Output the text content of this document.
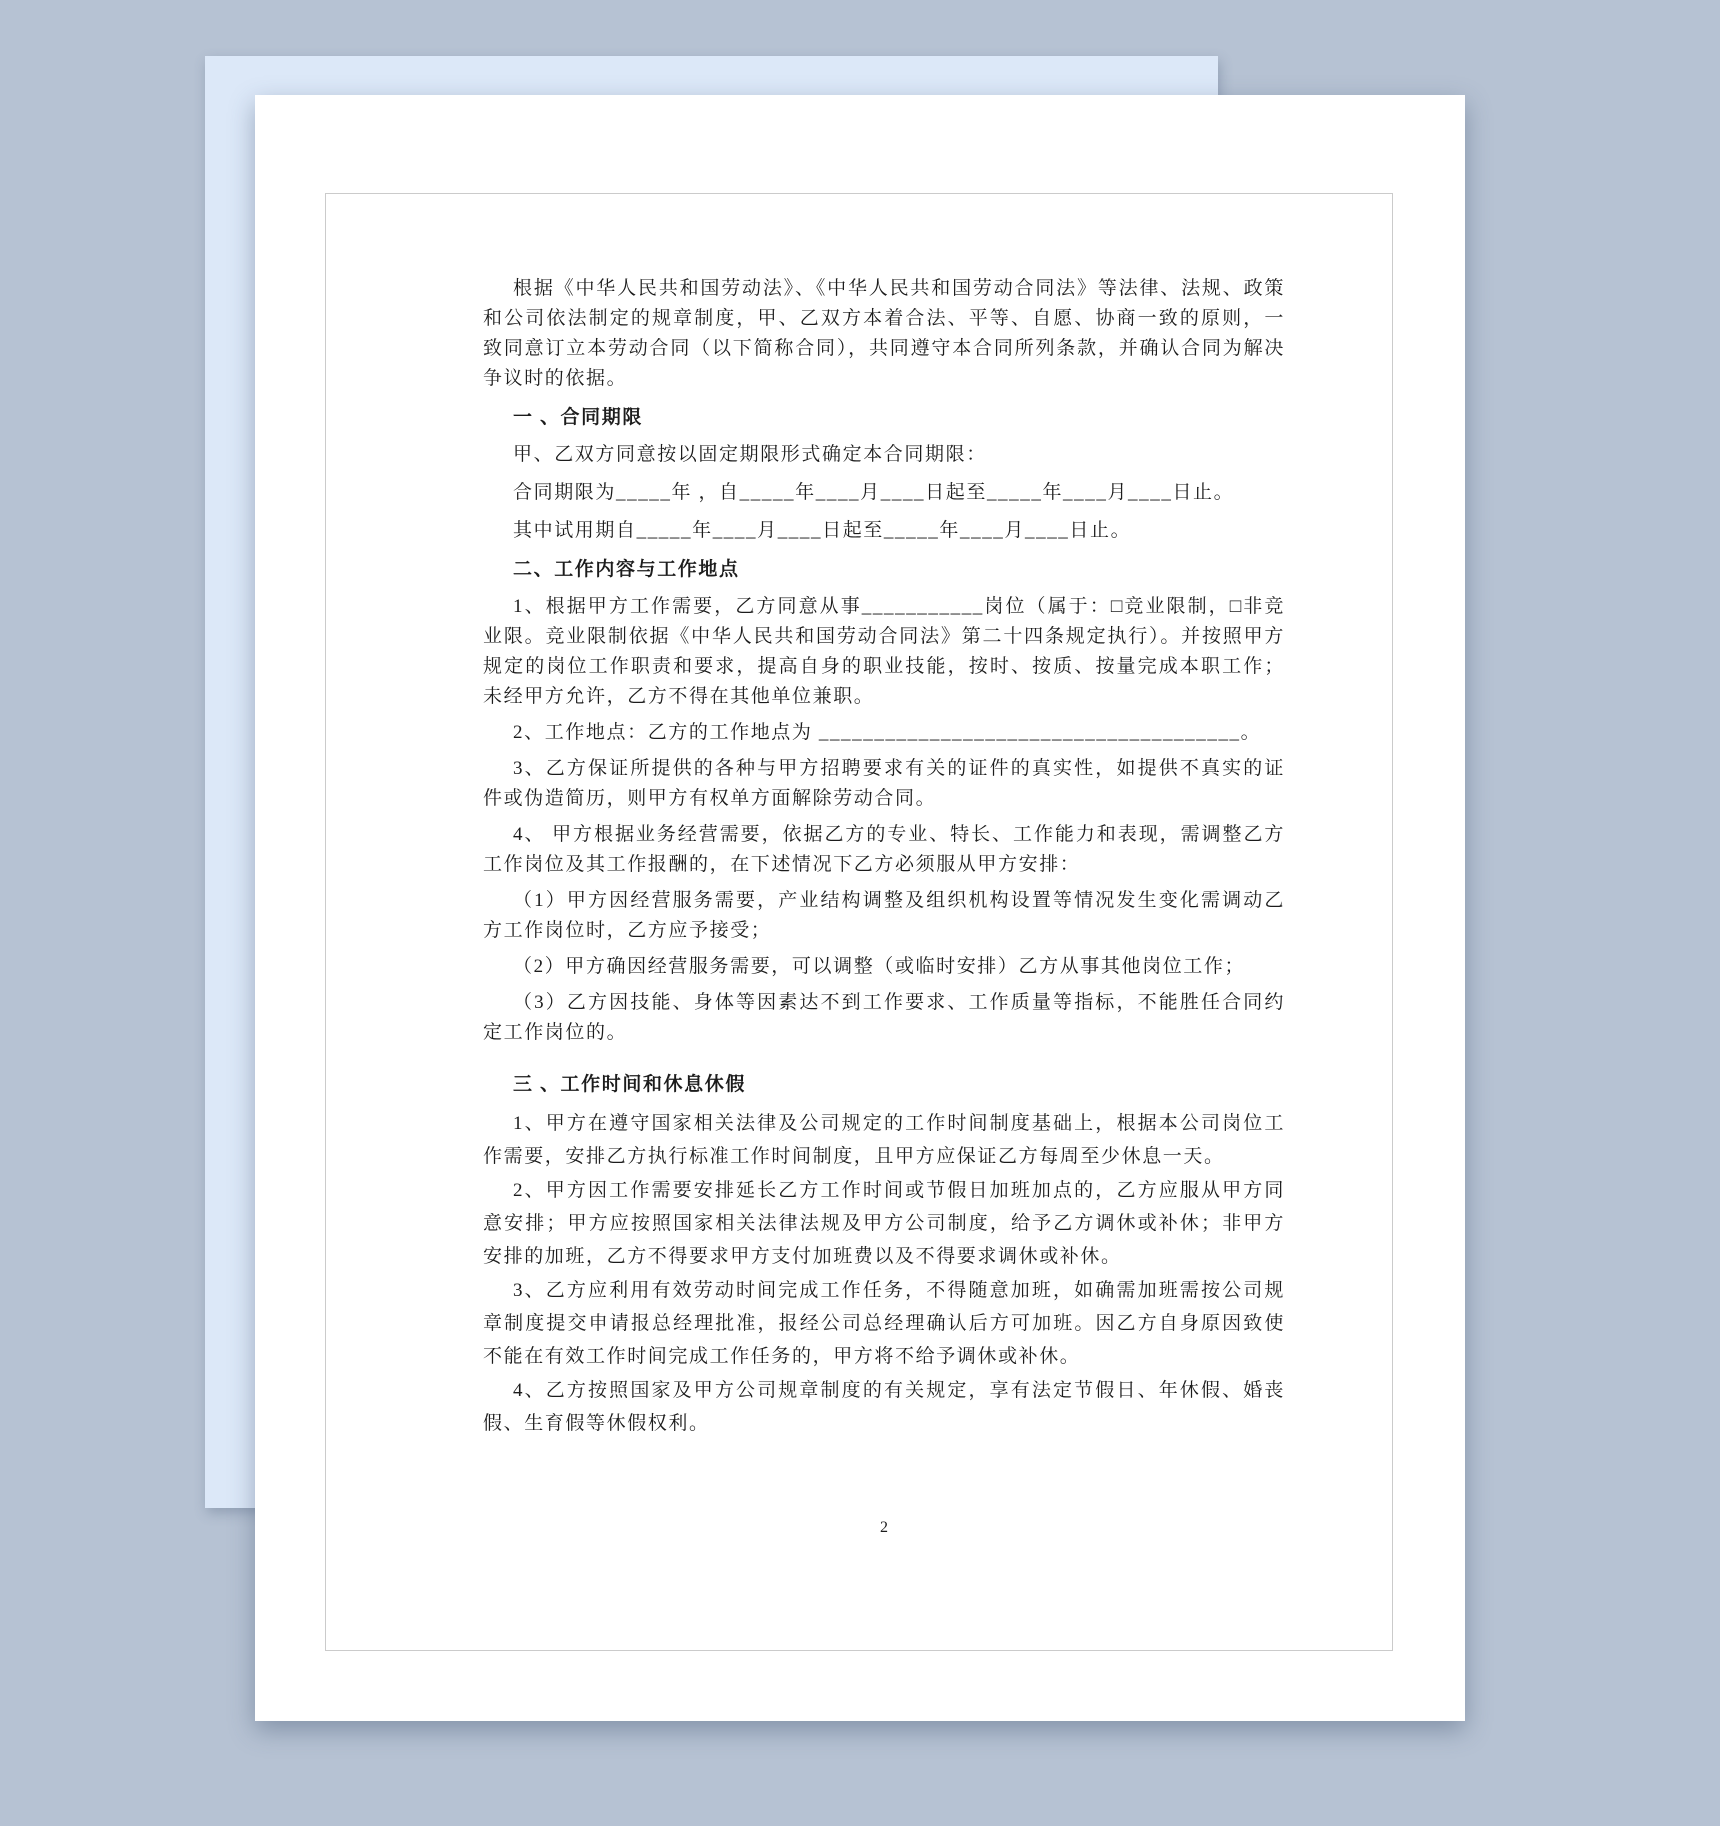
根据《中华人民共和国劳动法》、《中华人民共和国劳动合同法》等法律、法规、政策和公司依法制定的规章制度，甲、乙双方本着合法、平等、自愿、协商一致的原则，一致同意订立本劳动合同（以下简称合同），共同遵守本合同所列条款，并确认合同为解决争议时的依据。

一 、合同期限

甲、乙双方同意按以固定期限形式确定本合同期限：

合同期限为_____年 ，自_____年____月____日起至_____年____月____日止。

其中试用期自_____年____月____日起至_____年____月____日止。

二、工作内容与工作地点

1、根据甲方工作需要，乙方同意从事___________岗位（属于：□竞业限制，□非竞业限。竞业限制依据《中华人民共和国劳动合同法》第二十四条规定执行）。并按照甲方规定的岗位工作职责和要求，提高自身的职业技能，按时、按质、按量完成本职工作；未经甲方允许，乙方不得在其他单位兼职。

2、工作地点：乙方的工作地点为 ______________________________________。

3、乙方保证所提供的各种与甲方招聘要求有关的证件的真实性，如提供不真实的证件或伪造简历，则甲方有权单方面解除劳动合同。

4、 甲方根据业务经营需要，依据乙方的专业、特长、工作能力和表现，需调整乙方工作岗位及其工作报酬的，在下述情况下乙方必须服从甲方安排：

（1）甲方因经营服务需要，产业结构调整及组织机构设置等情况发生变化需调动乙方工作岗位时，乙方应予接受；

（2）甲方确因经营服务需要，可以调整（或临时安排）乙方从事其他岗位工作；

（3）乙方因技能、身体等因素达不到工作要求、工作质量等指标，不能胜任合同约定工作岗位的。

三 、工作时间和休息休假

1、甲方在遵守国家相关法律及公司规定的工作时间制度基础上，根据本公司岗位工作需要，安排乙方执行标准工作时间制度，且甲方应保证乙方每周至少休息一天。

2、甲方因工作需要安排延长乙方工作时间或节假日加班加点的，乙方应服从甲方同意安排；甲方应按照国家相关法律法规及甲方公司制度，给予乙方调休或补休；非甲方安排的加班，乙方不得要求甲方支付加班费以及不得要求调休或补休。

3、乙方应利用有效劳动时间完成工作任务，不得随意加班，如确需加班需按公司规章制度提交申请报总经理批准，报经公司总经理确认后方可加班。因乙方自身原因致使不能在有效工作时间完成工作任务的，甲方将不给予调休或补休。

4、乙方按照国家及甲方公司规章制度的有关规定，享有法定节假日、年休假、婚丧假、生育假等休假权利。

2
